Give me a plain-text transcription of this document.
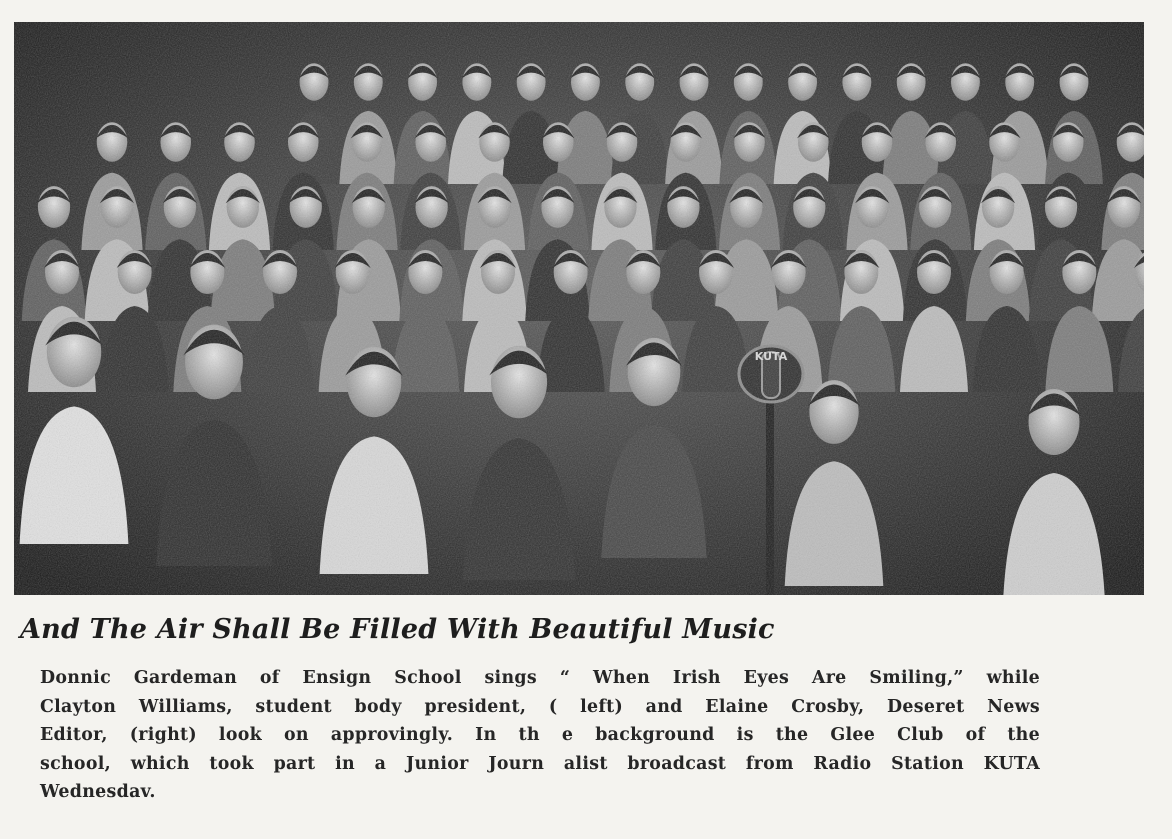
And The Air Shall Be Filled With Beautiful Music
Donnic Gardeman of Ensign School sings “ When Irish Eyes Are Smiling,” while
Clayton Williams, student body president, ( left) and Elaine Crosby, Deseret News
Editor, (right) look on approvingly. In th e background is the Glee Club of the
school, which took part in a Junior Journ alist broadcast from Radio Station KUTA
Wednesdav.
